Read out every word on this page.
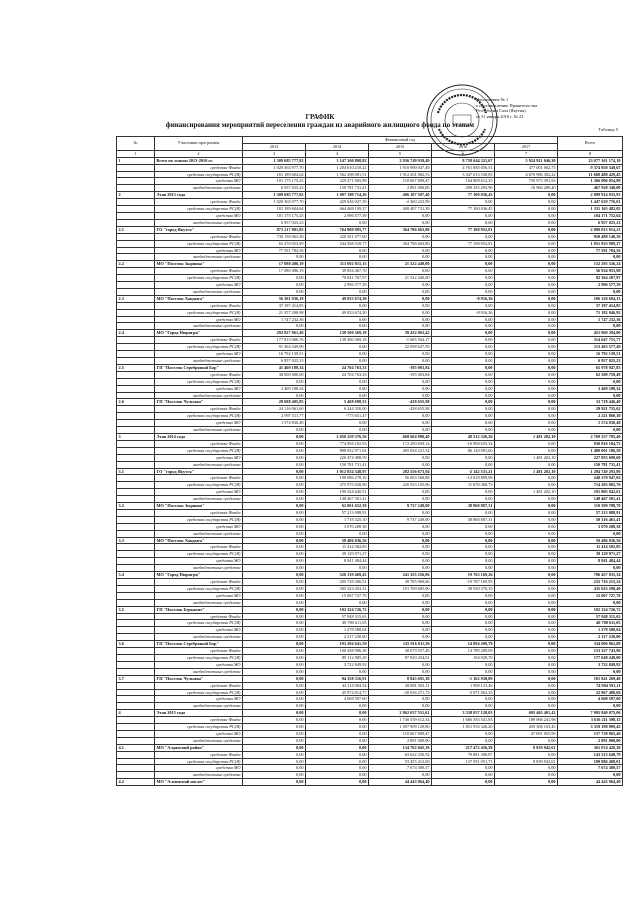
Приложение № 1
к постановлению Правительства
Республики Саха (Якутия)
от 31 января 2018 г. № 22
ГРАФИК
финансирования мероприятий переселения граждан из аварийного жилищного фонда по этапам
Таблица 5
№	Участники программы	Финансовый год					Всего
		2013	2014	2015	2016	2017	
1	2	3	4	5	6	7	8
1	Всего по этапам 2013-2016 гг.	1 309 685 777,82	3 147 360 808,82	2 936 749 939,49	8 758 644 321,67	5 924 921 046,30	23 077 361 174,10
	средства Фонда	1 020 363 977,70	1 204 610 210,22	1 910 990 047,49	4 761 885 056,51	477 001 062,75	9 374 850 349,67
	средства государства РС(Я)	181 189 604,64	1 562 498 081,51	1 912 201 082,53	3 347 613 538,85	4 670 986 302,22	11 668 488 429,45
	средства МО	101 175 175,25	229 471 065,98	110 667 809,47	164 808 612,35	759 973 391,93	1 366 096 054,98
	внебюджетные средства	6 957 025,23	150 781 731,41	2 891 000,00	290 335 293,96	16 960 289,40	467 928 340,00
2	Этап 2013 года	1 309 685 777,82	1 097 180 714,26	406 107 507,40	77 100 036,45	0,00	2 889 914 035,93
	средства Фонда	1 020 363 977,70	429 636 027,39	-2 360 223,99	0,00	0,00	1 447 639 776,01
	средства государства РС(Я)	181 189 604,64	664 468 109,37	408 407 731,39	77 100 036,45	0,00	1 331 165 482,05
	средства МО	101 175 175,25	2 996 577,39	0,00	0,00	0,00	104 171 752,64
	внебюджетные средства	6 957 025,23	0,00	0,00	0,00	0,00	6 957 025,23
2.1	ГО "город Якутск"	873 217 801,85	764 900 895,77	364 786 663,80	77 108 952,81	0,00	2 080 013 914,23
	средства Фонда	730 156 063,30	220 351 077,00	0,00	0,00	0,00	950 488 140,30
	средства государства РС(Я)	65 470 053,99	544 568 518,77	364 786 663,80	77 108 952,81	0,00	1 051 933 989,37
	средства МО	77 591 784,56	0,00	0,00	0,00	0,00	77 591 784,56
	внебюджетные средства	0,00	0,00	0,00	0,00	0,00	0,00
2.2	МО "Поселок Зырянка"	17 080 486,19	113 692 815,15	21 522 440,00	0,00	0,00	152 295 536,24
	средства Фонда	17 080 486,19	39 854 467,70	0,00	0,00	0,00	56 934 953,98
	средства государства РС(Я)	0,00	70 841 767,97	21 522 440,00	0,00	0,00	92 364 207,97
	средства МО	0,00	2 996 577,39	0,00	0,00	0,00	2 996 577,39
	внебюджетные средства	0,00	0,00	0,00	0,00	0,00	0,00
2.3	МО "Поселок Хандыга"	56 301 936,19	49 833 674,30	0,00	-8 916,36	0,00	106 126 694,13
	средства Фонда	37 197 414,85	0,00	0,00	0,00	0,00	37 197 414,85
	средства государства РС(Я)	21 357 288,98	49 833 674,30	0,00	-8 916,36	0,00	71 182 046,92
	средства МО	1 747 232,36	0,00	0,00	0,00	0,00	1 747 232,36
	внебюджетные средства	0,00	0,00	0,00	0,00	0,00	0,00
2.4	МО "Город Нюрнгри"	292 927 861,40	138 500 369,18	39 432 063,42	0,00	0,00	451 860 294,00
	средства Фонда	177 813 966,76	138 500 369,18	-1 665 564,17	0,00	0,00	314 647 751,77
	средства государства РС(Я)	91 364 349,90	0,00	22 098 627,59	0,00	0,00	113 463 577,49
	средства МО	16 792 139,51	0,00	0,00	0,00	0,00	16 792 139,51
	внебюджетные средства	6 957 025,23	0,00	0,00	0,00	0,00	6 957 025,23
2.5	ГП "Поселок Серебряный Бор"	41 469 188,34	24 704 763,33	-195 003,84	0,00	0,00	65 978 947,83
	средства Фонда	38 000 000,00	24 704 763,33	-195 003,84	0,00	0,00	62 509 759,49
	средства государства РС(Я)	0,00	0,00	0,00	0,00	0,00	0,00
	средства МО	3 469 188,34	0,00	0,00	0,00	0,00	3 469 188,34
	внебюджетные средства	0,00	0,00	0,00	0,00	0,00	0,00
2.6	ГП "Поселок Чульман"	28 688 405,85	5 468 698,53	-438 655,98	0,00	0,00	33 718 446,40
	средства Фонда	24 116 061,60	6 244 350,00	-438 655,98	0,00	0,00	29 921 755,62
	средства государства РС(Я)	2 997 511,77	-775 651,47	0,00	0,00	0,00	2 221 860,30
	средства МО	1 574 830,48	0,00	0,00	0,00	0,00	1 574 830,48
	внебюджетные средства	0,00	0,00	0,00	0,00	0,00	0,00
3	Этап 2014 года	0,00	2 050 259 376,56	668 604 880,40	49 212 326,26	1 481 202,10	2 769 557 785,40
	средства Фонда	0,00	774 994 182,93	172 290 659,14	-16 908 655,34	0,00	930 816 184,73
	средства государства РС(Я)	0,00	898 052 971,04	495 834 221,34	86 120 991,60	0,00	1 480 001 186,58
	средства МО	0,00	226 474 488,59	0,00	0,00	1 481 202,10	227 955 690,69
	внебюджетные средства	0,00	150 781 731,41	0,00	0,00	0,00	150 781 731,41
3.1	ГО "город Якутск"	0,00	1 012 854 348,97	282 556 673,94	-2 142 531,21	1 481 202,10	1 294 749 293,80
	средства Фонда	0,00	198 086 278,10	56 003 568,88	-13 818 899,96	0,00	240 270 947,02
	средства государства РС(Я)	0,00	475 975 028,96	226 553 105,06	11 676 368,75	0,00	714 203 002,76
	средства МО	0,00	190 324 640,51	0,00	0,00	1 481 202,10	191 805 842,61
	внебюджетные средства	0,00	148 467 501,41	0,00	0,00	0,00	148 467 501,41
3.2	МО "Поселок Зырянка"	0,00	62 001 652,39	9 737 249,00	38 860 887,31	0,00	110 599 788,70
	средства Фонда	0,00	57 213 088,91	0,00	0,00	0,00	57 213 088,91
	средства государства РС(Я)	0,00	1 718 325,10	9 737 249,00	38 860 887,31	0,00	50 316 461,41
	средства МО	0,00	3 070 208,38	0,00	0,00	0,00	3 070 208,38
	внебюджетные средства	0,00	0,00	0,00	0,00	0,00	0,00
3.3	МО "Поселок Хандыга"	0,00	59 486 036,56	0,00	0,00	0,00	59 486 036,56
	средства Фонда	0,00	11 414 582,85	0,00	0,00	0,00	11 414 582,85
	средства государства РС(Я)	0,00	39 129 971,27	0,00	0,00	0,00	39 129 971,27
	средства МО	0,00	8 941 484,44	0,00	0,00	0,00	8 941 484,44
	внебюджетные средства	0,00	0,00	0,00	0,00	0,00	0,00
3.4	МО "Город Нюрнгри"	0,00	526 139 469,43	241 355 256,06	19 763 169,26	0,00	786 457 833,34
	средства Фонда	0,00	205 728 306,51	49 785 969,66	-19 787 169,95	0,00	235 716 215,24
	средства государства РС(Я)	0,00	305 223 453,31	191 769 685,00	38 550 370,19	0,00	435 633 290,40
	средства МО	0,00	15 067 727,70	0,00	0,00	0,00	15 067 727,70
	внебюджетные средства	0,00	0,00	0,00	0,00	0,00	0,00
3.5	ГП "Поселок Беркакит"	0,00	102 324 726,72	0,00	0,00	0,00	102 324 726,72
	средства Фонда	0,00	57 948 315,63	0,00	0,00	0,00	57 948 315,63
	средства государства РС(Я)	0,00	40 780 611,05	0,00	0,00	0,00	40 780 611,05
	средства МО	0,00	1 278 580,04	0,00	0,00	0,00	1 278 580,04
	внебюджетные средства	0,00	2 317 230,00	0,00	0,00	0,00	2 317 230,00
3.6	ГП "Поселок Серебряный Бор"	0,00	193 294 641,59	125 916 811,50	14 894 209,79	0,00	334 096 862,88
	средства Фонда	0,00	100 458 906,38	38 079 557,49	14 789 289,09	0,00	153 327 743,96
	средства государства РС(Я)	0,00	89 112 885,29	87 830 434,01	104 929,70	0,00	177 048 249,00
	средства МО	0,00	3 722 849,92	0,00	0,00	0,00	3 722 849,92
	внебюджетные средства	0,00	0,00	0,00	0,00	0,00	0,00
3.7	ГП "Поселок Чульман"	0,00	94 158 316,91	8 845 691,38	-1 162 938,89	0,00	101 841 269,40
	средства Фонда	0,00	44 114 904,54	28 881 563,11	1 908 123,46	0,00	74 904 591,11
	средства государства РС(Я)	0,00	45 974 814,77	-20 036 271,73	-3 071 062,35	0,00	22 867 480,69
	средства МО	0,00	4 068 597,60	0,00	0,00	0,00	4 068 597,60
	внебюджетные средства	0,00	0,00	0,00	0,00	0,00	0,00
4	Этап 2015 года	0,00	0,00	2 862 037 551,61	3 538 057 128,03	695 465 401,42	7 095 840 075,06
	средства Фонда	0,00	0,00	1 740 559 612,34	1 686 583 541,83	189 068 241,98	3 616 211 398,15
	средства государства РС(Я)	0,00	0,00	1 007 909 129,80	1 851 933 326,20	459 306 103,45	3 319 198 809,45
	средства МО	0,00	0,00	110 667 809,47	0,00	47 091 055,99	157 738 865,46
	внебюджетные средства	0,00	0,00	2 891 000,00	0,00	0,00	2 891 000,00
4.1	МО "Алданский район"	0,00	0,00	134 762 045,18	217 472 456,58	8 839 942,61	361 074 428,38
	средства Фонда	0,00	0,00	63 632 256,92	79 881 398,87	0,00	143 513 649,79
	средства государства РС(Я)	0,00	0,00	53 455 412,69	137 591 051,71	8 839 942,61	199 886 408,01
	средства МО	0,00	0,00	7 674 380,57	0,00	0,00	7 674 380,57
	внебюджетные средства	0,00	0,00	0,00	0,00	0,00	0,00
4.2	МО "Алтинский наслег"	0,00	0,00	44 443 964,40	0,00	0,00	44 443 964,40
